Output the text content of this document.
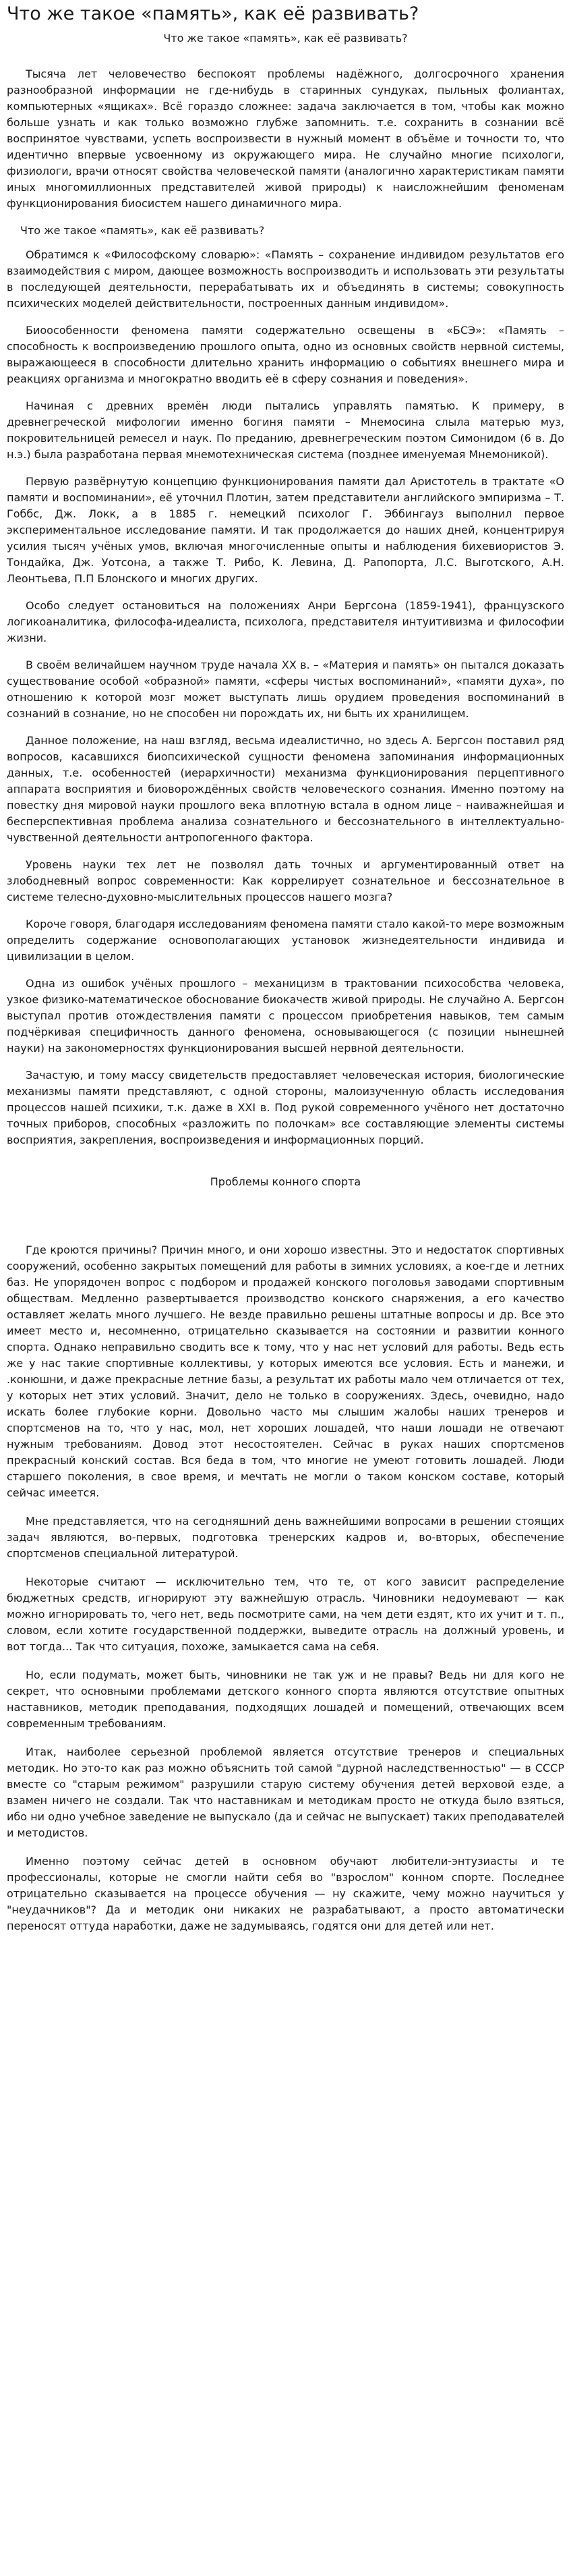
Что же такое «память», как её развивать?
Что же такое «память», как её развивать?

Тысяча лет человечество беспокоят проблемы надёжного, долгосрочного хранения разнообразной информации не где-нибудь в старинных сундуках, пыльных фолиантах, компьютерных «ящиках». Всё гораздо сложнее: задача заключается в том, чтобы как можно больше узнать и как только возможно глубже запомнить. т.е. сохранить в сознании всё воспринятое чувствами, успеть воспроизвести в нужный момент в объёме и точности то, что идентично впервые усвоенному из окружающего мира. Не случайно многие психологи, физиологи, врачи относят свойства человеческой памяти (аналогично характеристикам памяти иных многомиллионных представителей живой природы) к наисложнейшим феноменам функционирования биосистем нашего динамичного мира.

Что же такое «память», как её развивать?

Обратимся к «Философскому словарю»: «Память – сохранение индивидом результатов его взаимодействия с миром, дающее возможность воспроизводить и использовать эти результаты в последующей деятельности, перерабатывать их и объединять в системы; совокупность психических моделей действительности, построенных данным индивидом».

Биоособенности феномена памяти содержательно освещены в «БСЭ»: «Память – способность к воспроизведению прошлого опыта, одно из основных свойств нервной системы, выражающееся в способности длительно хранить информацию о событиях внешнего мира и реакциях организма и многократно вводить её в сферу сознания и поведения».

Начиная с древних времён люди пытались управлять памятью. К примеру, в древнегреческой мифологии именно богиня памяти – Мнемосина слыла матерью муз, покровительницей ремесел и наук. По преданию, древнегреческим поэтом Симонидом (6 в. До н.э.) была разработана первая мнемотехническая система (позднее именуемая Мнемоникой).

Первую развёрнутую концепцию функционирования памяти дал Аристотель в трактате «О памяти и воспоминании», её уточнил Плотин, затем представители английского эмпиризма – Т. Гоббс, Дж. Локк, а в 1885 г. немецкий психолог Г. Эббингауз выполнил первое экспериментальное исследование памяти. И так продолжается до наших дней, концентрируя усилия тысяч учёных умов, включая многочисленные опыты и наблюдения бихевиористов Э. Тондайка, Дж. Уотсона, а также Т. Рибо, К. Левина, Д. Рапопорта, Л.С. Выготского, А.Н. Леонтьева, П.П Блонского и многих других.

Особо следует остановиться на положениях Анри Бергсона (1859-1941), французского логикоаналитика, философа-идеалиста, психолога, представителя интуитивизма и философии жизни.

В своём величайшем научном труде начала XX в. – «Материя и память» он пытался доказать существование особой «образной» памяти, «сферы чистых воспоминаний», «памяти духа», по отношению к которой мозг может выступать лишь орудием проведения воспоминаний в сознаний в сознание, но не способен ни порождать их, ни быть их хранилищем.

Данное положение, на наш взгляд, весьма идеалистично, но здесь А. Бергсон поставил ряд вопросов, касавшихся биопсихической сущности феномена запоминания информационных данных, т.е. особенностей (иерархичности) механизма функционирования перцептивного аппарата восприятия и биоворождённых свойств человеческого сознания. Именно поэтому на повестку дня мировой науки прошлого века вплотную встала в одном лице – наиважнейшая и бесперспективная проблема анализа сознательного и бессознательного в интеллектуально-чувственной деятельности антропогенного фактора.

Уровень науки тех лет не позволял дать точных и аргументированный ответ на злободневный вопрос современности: Как коррелирует сознательное и бессознательное в системе телесно-духовно-мыслительных процессов нашего мозга?

Короче говоря, благодаря исследованиям феномена памяти стало какой-то мере возможным определить содержание основополагающих установок жизнедеятельности индивида и цивилизации в целом.

Одна из ошибок учёных прошлого – механицизм в трактовании психособства человека, узкое физико-математическое обоснование биокачеств живой природы. Не случайно А. Бергсон выступал против отождествления памяти с процессом приобретения навыков, тем самым подчёркивая специфичность данного феномена, основывающегося (с позиции нынешней науки) на закономерностях функционирования высшей нервной деятельности.

Зачастую, и тому массу свидетельств предоставляет человеческая история, биологические механизмы памяти представляют, с одной стороны, малоизученную область исследования процессов нашей психики, т.к. даже в XXI в. Под рукой современного учёного нет достаточно точных приборов, способных «разложить по полочкам» все составляющие элементы системы восприятия, закрепления, воспроизведения и информационных порций.

Проблемы конного спорта

Где кроются причины? Причин много, и они хорошо известны. Это и недостаток спортивных сооружений, особенно закрытых помещений для работы в зимних условиях, а кое-где и летних баз. Не упорядочен вопрос с подбором и продажей конского поголовья заводами спортивным обществам. Медленно развертывается производство конского снаряжения, а его качество оставляет желать много лучшего. Не везде правильно решены штатные вопросы и др. Все это имеет место и, несомненно, отрицательно сказывается на состоянии и развитии конного спорта. Однако неправильно сводить все к тому, что у нас нет условий для работы. Ведь есть же у нас такие спортивные коллективы, у которых имеются все условия. Есть и манежи, и .конюшни, и даже прекрасные летние базы, а результат их работы мало чем отличается от тех, у которых нет этих условий. Значит, дело не только в сооружениях. Здесь, очевидно, надо искать более глубокие корни. Довольно часто мы слышим жалобы наших тренеров и спортсменов на то, что у нас, мол, нет хороших лошадей, что наши лошади не отвечают нужным требованиям. Довод этот несостоятелен. Сейчас в руках наших спортсменов прекрасный конский состав. Вся беда в том, что многие не умеют готовить лошадей. Люди старшего поколения, в свое время, и мечтать не могли о таком конском составе, который сейчас имеется.

Мне представляется, что на сегодняшний день важнейшими вопросами в решении стоящих задач являются, во-первых, подготовка тренерских кадров и, во-вторых, обеспечение спортсменов специальной литературой.

Некоторые считают — исключительно тем, что те, от кого зависит распределение бюджетных средств, игнорируют эту важнейшую отрасль. Чиновники недоумевают — как можно игнорировать то, чего нет, ведь посмотрите сами, на чем дети ездят, кто их учит и т. п., словом, если хотите государственной поддержки, выведите отрасль на должный уровень, и вот тогда... Так что ситуация, похоже, замыкается сама на себя.

Но, если подумать, может быть, чиновники не так уж и не правы? Ведь ни для кого не секрет, что основными проблемами детского конного спорта являются отсутствие опытных наставников, методик преподавания, подходящих лошадей и помещений, отвечающих всем современным требованиям.

Итак, наиболее серьезной проблемой является отсутствие тренеров и специальных методик. Но это-то как раз можно объяснить той самой "дурной наследственностью" — в СССР вместе со "старым режимом" разрушили старую систему обучения детей верховой езде, а взамен ничего не создали. Так что наставникам и методикам просто не откуда было взяться, ибо ни одно учебное заведение не выпускало (да и сейчас не выпускает) таких преподавателей и методистов.

Именно поэтому сейчас детей в основном обучают любители-энтузиасты и те профессионалы, которые не смогли найти себя во "взрослом" конном спорте. Последнее отрицательно сказывается на процессе обучения — ну скажите, чему можно научиться у "неудачников"? Да и методик они никаких не разрабатывают, а просто автоматически переносят оттуда наработки, даже не задумываясь, годятся они для детей или нет.
